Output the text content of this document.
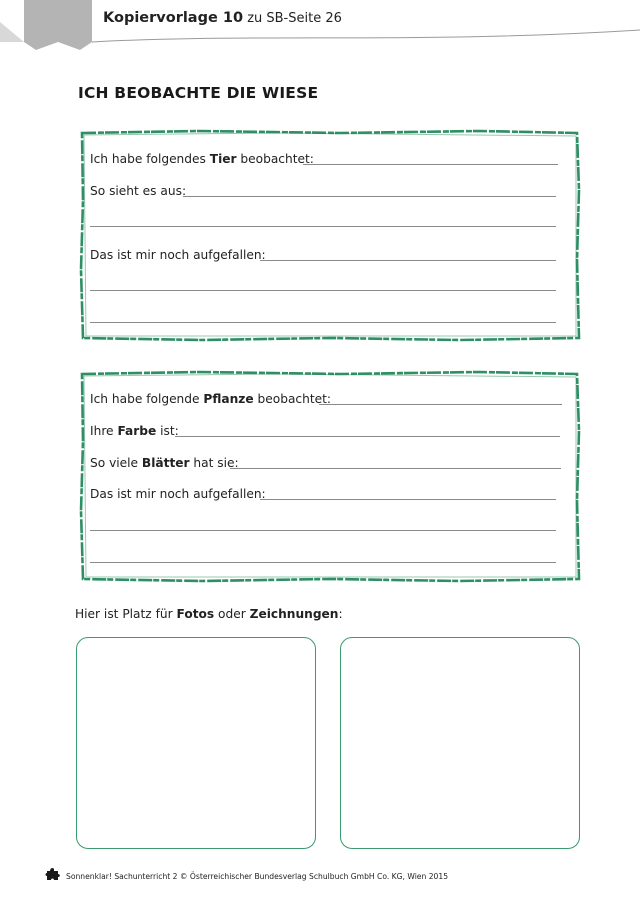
Kopiervorlage 10 zu SB-Seite 26
ICH BEOBACHTE DIE WIESE
Ich habe folgendes Tier beobachtet:
So sieht es aus:
Das ist mir noch aufgefallen:
Ich habe folgende Pflanze beobachtet:
Ihre Farbe ist:
So viele Blätter hat sie:
Das ist mir noch aufgefallen:
Hier ist Platz für Fotos oder Zeichnungen:
Sonnenklar! Sachunterricht 2 © Österreichischer Bundesverlag Schulbuch GmbH Co. KG, Wien 2015
